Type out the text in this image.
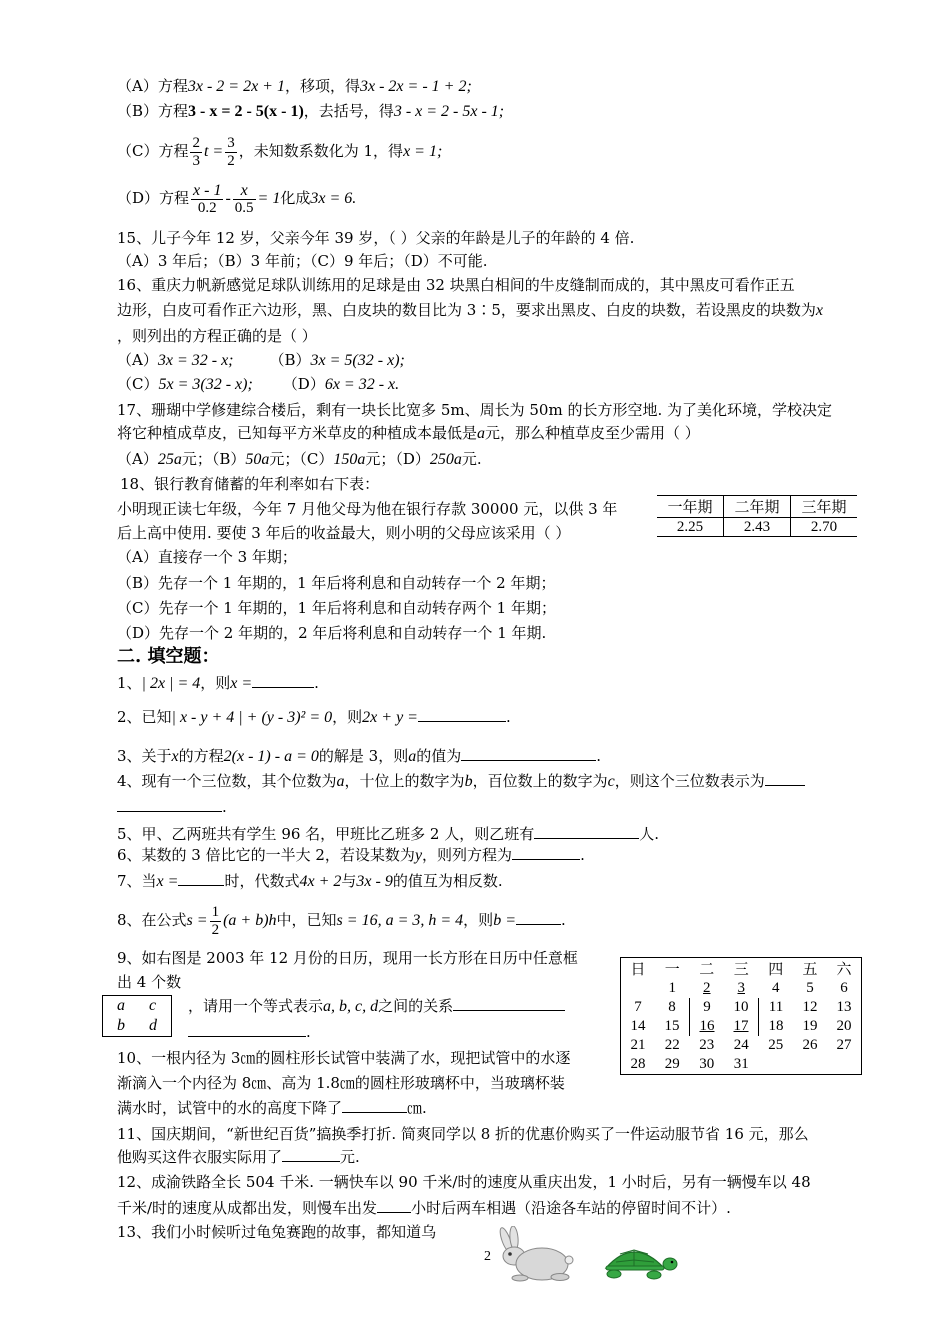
（A）方程3x - 2 = 2x + 1，移项，得3x - 2x = - 1 + 2;
（B）方程3 - x = 2 - 5(x - 1)，去括号，得3 - x = 2 - 5x - 1;
（C）方程 $\frac{2}{3}$ $t = \frac{3}{2}$ ，未知数系数化为 1，得x = 1;
（D）方程 $\frac{x - 1}{0.2} - \frac{x}{0.5} = 1$化成3x = 6.
15、儿子今年 12 岁，父亲今年 39 岁，（ ）父亲的年龄是儿子的年龄的 4 倍.
（A）3 年后；（B）3 年前；（C）9 年后；（D）不可能.
16、重庆力帆新感觉足球队训练用的足球是由 32 块黑白相间的牛皮缝制而成的，其中黑皮可看作正五
边形，白皮可看作正六边形，黑、白皮块的数目比为 3∶5，要求出黑皮、白皮的块数，若设黑皮的块数为x
，则列出的方程正确的是（ ）
（A）3x = 32 - x; （B）3x = 5(32 - x);
（C）5x = 3(32 - x); （D）6x = 32 - x.
17、珊瑚中学修建综合楼后，剩有一块长比宽多 5m、周长为 50m 的长方形空地. 为了美化环境，学校决定
将它种植成草皮，已知每平方米草皮的种植成本最低是a元，那么种植草皮至少需用（ ）
（A）25a元；（B）50a元；（C）150a元；（D）250a元.
18、银行教育储蓄的年利率如右下表：
小明现正读七年级，今年 7 月他父母为他在银行存款 30000 元，以供 3 年
后上高中使用. 要使 3 年后的收益最大，则小明的父母应该采用（ ）
（A）直接存一个 3 年期；
（B）先存一个 1 年期的，1 年后将利息和自动转存一个 2 年期；
（C）先存一个 1 年期的，1 年后将利息和自动转存两个 1 年期；
（D）先存一个 2 年期的，2 年后将利息和自动转存一个 1 年期.
一年期	二年期	三年期
2.25	2.43	2.70
二. 填空题：
1、| 2x | = 4，则x =	.
2、已知| x - y + 4 | + (y - 3)² = 0，则2x + y =	.
3、关于x的方程2(x - 1) - a = 0的解是 3，则a的值为	.
4、现有一个三位数，其个位数为a，十位上的数字为b，百位数上的数字为c，则这个三位数表示为
.
5、甲、乙两班共有学生 96 名，甲班比乙班多 2 人，则乙班有	人.
6、某数的 3 倍比它的一半大 2，若设某数为y，则列方程为	.
7、当x =	时，代数式4x + 2与3x - 9的值互为相反数.
8、在公式$s = \frac{1}{2} (a + b)h$中，已知s = 16, a = 3, h = 4，则b =	.
9、如右图是 2003 年 12 月份的日历，现用一长方形在日历中任意框
出 4 个数
a c
b d
，请用一个等式表示a, b, c, d之间的关系
.
日	一	二	三	四	五	六
	1	2	3	4	5	6
7	8	9	10	11	12	13
14	15	16	17	18	19	20
21	22	23	24	25	26	27
28	29	30	31			
10、一根内径为 3㎝的圆柱形长试管中装满了水，现把试管中的水逐
渐滴入一个内径为 8㎝、高为 1.8㎝的圆柱形玻璃杯中，当玻璃杯装
满水时，试管中的水的高度下降了	㎝.
11、国庆期间，“新世纪百货”搞换季打折. 简爽同学以 8 折的优惠价购买了一件运动服节省 16 元，那么
他购买这件衣服实际用了	元.
12、成渝铁路全长 504 千米. 一辆快车以 90 千米/时的速度从重庆出发，1 小时后，另有一辆慢车以 48
千米/时的速度从成都出发，则慢车出发 小时后两车相遇（沿途各车站的停留时间不计）.
13、我们小时候听过龟兔赛跑的故事，都知道乌
2
